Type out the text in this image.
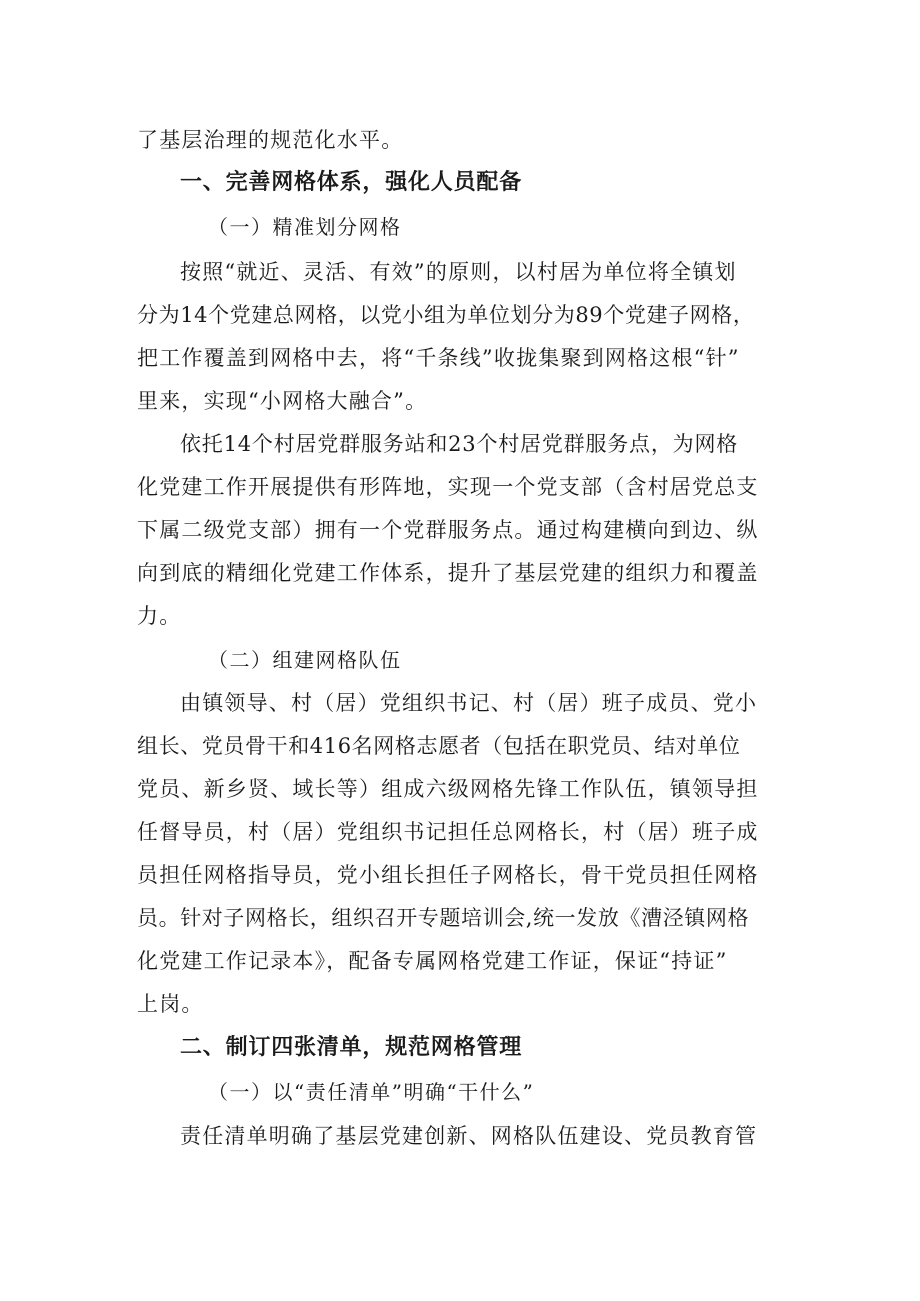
了基层治理的规范化水平。
一、完善网格体系，强化人员配备
（一）精准划分网格
按照“就近、灵活、有效”的原则，以村居为单位将全镇划
分为14个党建总网格，以党小组为单位划分为89个党建子网格，
把工作覆盖到网格中去，将“千条线”收拢集聚到网格这根“针”
里来，实现“小网格大融合”。
依托14个村居党群服务站和23个村居党群服务点，为网格
化党建工作开展提供有形阵地，实现一个党支部（含村居党总支
下属二级党支部）拥有一个党群服务点。通过构建横向到边、纵
向到底的精细化党建工作体系，提升了基层党建的组织力和覆盖
力。
（二）组建网格队伍
由镇领导、村（居）党组织书记、村（居）班子成员、党小
组长、党员骨干和416名网格志愿者（包括在职党员、结对单位
党员、新乡贤、域长等）组成六级网格先锋工作队伍，镇领导担
任督导员，村（居）党组织书记担任总网格长，村（居）班子成
员担任网格指导员，党小组长担任子网格长，骨干党员担任网格
员。针对子网格长，组织召开专题培训会,统一发放《漕泾镇网格
化党建工作记录本》，配备专属网格党建工作证，保证“持证”
上岗。
二、制订四张清单，规范网格管理
（一）以“责任清单”明确“干什么”
责任清单明确了基层党建创新、网格队伍建设、党员教育管
